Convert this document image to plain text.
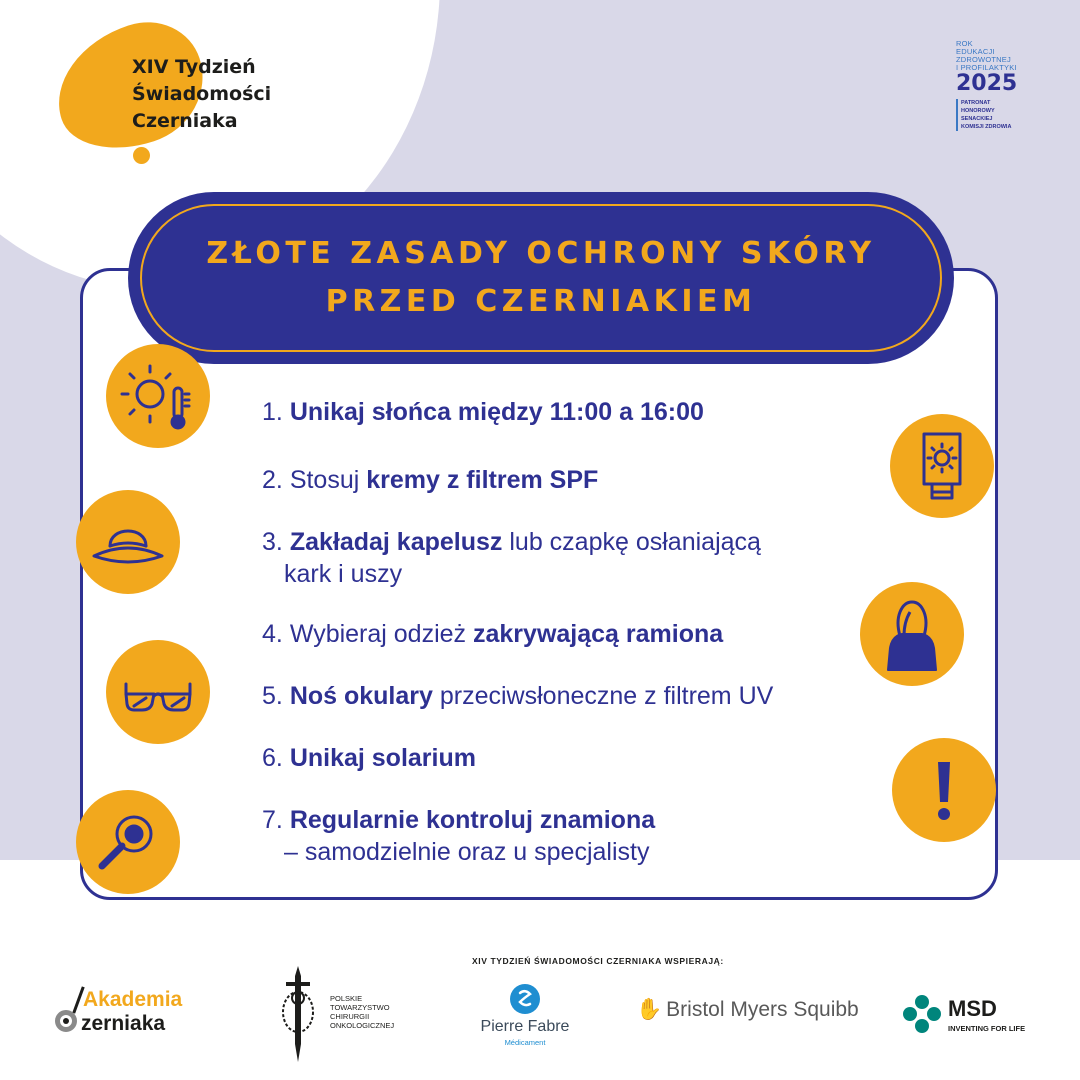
XIV Tydzień
Świadomości
Czerniaka
ROK
EDUKACJI
ZDROWOTNEJ
I PROFILAKTYKI
2025
PATRONAT
HONOROWY
SENACKIEJ
KOMISJI ZDROWIA
ZŁOTE ZASADY OCHRONY SKÓRY
PRZED CZERNIAKIEM
1. Unikaj słońca między 11:00 a 16:00
2. Stosuj kremy z filtrem SPF
3. Zakładaj kapelusz lub czapkę osłaniającą
kark i uszy
4. Wybieraj odzież zakrywającą ramiona
5. Noś okulary przeciwsłoneczne z filtrem UV
6. Unikaj solarium
7. Regularnie kontroluj znamiona
– samodzielnie oraz u specjalisty
XIV TYDZIEŃ ŚWIADOMOŚCI CZERNIAKA WSPIERAJĄ:
Akademia
zerniaka
POLSKIE
TOWARZYSTWO
CHIRURGII
ONKOLOGICZNEJ	Pierre Fabre
Médicament
✋ Bristol Myers Squibb	MSD
INVENTING FOR LIFE
